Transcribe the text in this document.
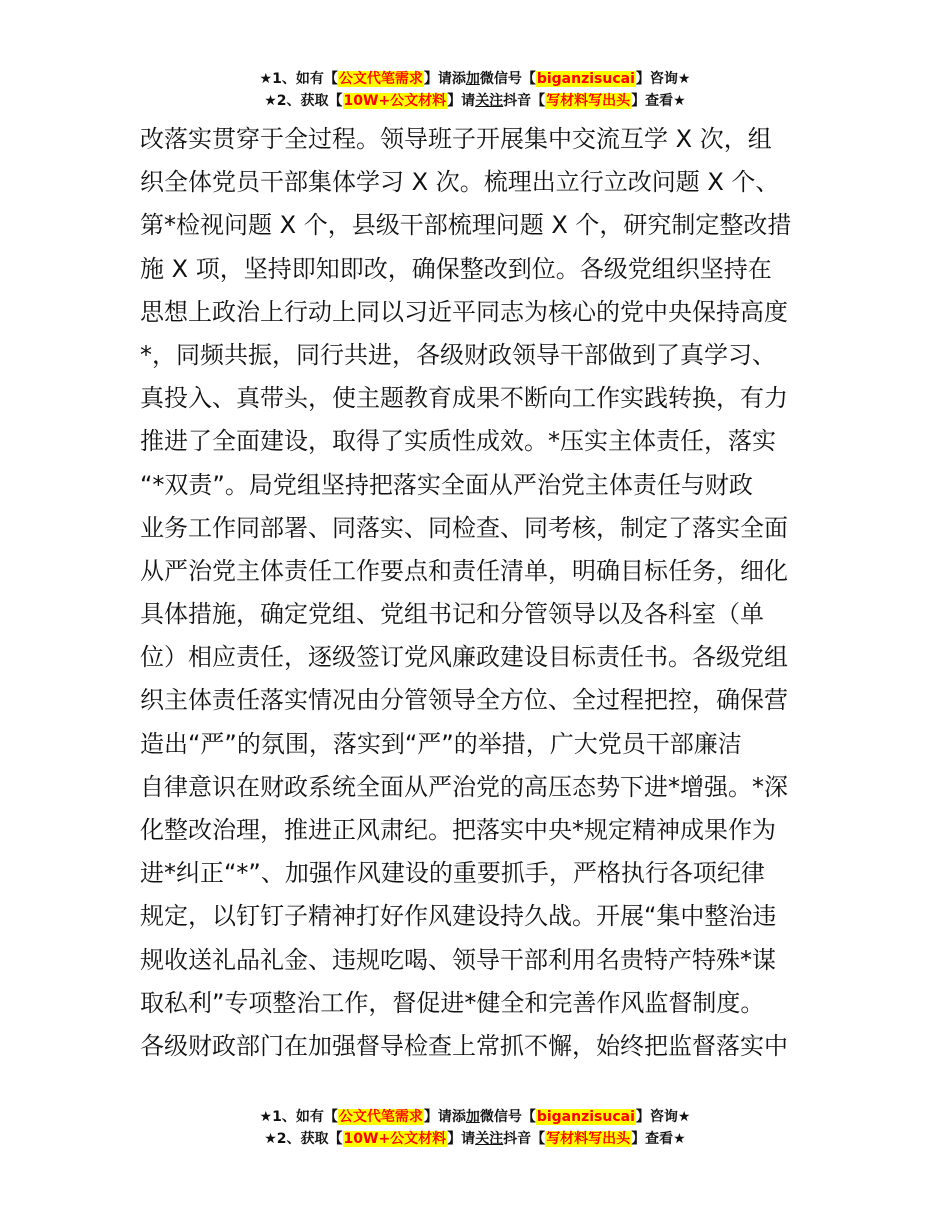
★1、如有【公文代笔需求】请添加微信号【biganzisucai】咨询★
★2、获取【10W+公文材料】请关注抖音【写材料写出头】查看★
改落实贯穿于全过程。领导班子开展集中交流互学 X 次，组
织全体党员干部集体学习 X 次。梳理出立行立改问题 X 个、
第*检视问题 X 个，县级干部梳理问题 X 个，研究制定整改措
施 X 项，坚持即知即改，确保整改到位。各级党组织坚持在
思想上政治上行动上同以习近平同志为核心的党中央保持高度
*，同频共振，同行共进，各级财政领导干部做到了真学习、
真投入、真带头，使主题教育成果不断向工作实践转换，有力
推进了全面建设，取得了实质性成效。*压实主体责任，落实
“*双责”。局党组坚持把落实全面从严治党主体责任与财政
业务工作同部署、同落实、同检查、同考核，制定了落实全面
从严治党主体责任工作要点和责任清单，明确目标任务，细化
具体措施，确定党组、党组书记和分管领导以及各科室（单
位）相应责任，逐级签订党风廉政建设目标责任书。各级党组
织主体责任落实情况由分管领导全方位、全过程把控，确保营
造出“严”的氛围，落实到“严”的举措，广大党员干部廉洁
自律意识在财政系统全面从严治党的高压态势下进*增强。*深
化整改治理，推进正风肃纪。把落实中央*规定精神成果作为
进*纠正“*”、加强作风建设的重要抓手，严格执行各项纪律
规定，以钉钉子精神打好作风建设持久战。开展“集中整治违
规收送礼品礼金、违规吃喝、领导干部利用名贵特产特殊*谋
取私利”专项整治工作，督促进*健全和完善作风监督制度。
各级财政部门在加强督导检查上常抓不懈，始终把监督落实中
★1、如有【公文代笔需求】请添加微信号【biganzisucai】咨询★
★2、获取【10W+公文材料】请关注抖音【写材料写出头】查看★
